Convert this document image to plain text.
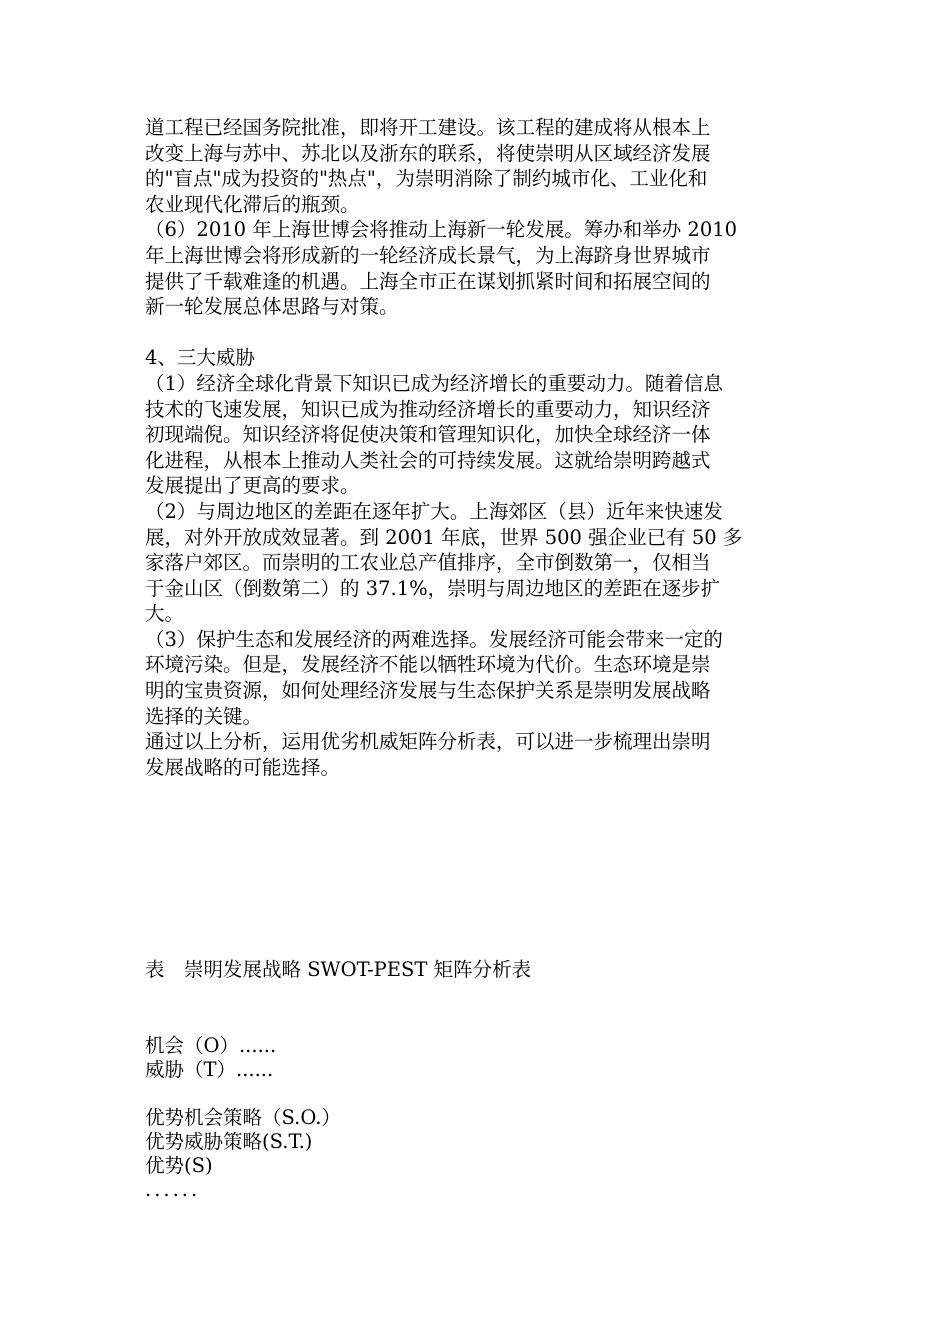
道工程已经国务院批准，即将开工建设。该工程的建成将从根本上
改变上海与苏中、苏北以及浙东的联系，将使崇明从区域经济发展
的"盲点"成为投资的"热点"，为崇明消除了制约城市化、工业化和
农业现代化滞后的瓶颈。
（6）2010 年上海世博会将推动上海新一轮发展。筹办和举办 2010
年上海世博会将形成新的一轮经济成长景气，为上海跻身世界城市
提供了千载难逢的机遇。上海全市正在谋划抓紧时间和拓展空间的
新一轮发展总体思路与对策。
4、三大威胁
（1）经济全球化背景下知识已成为经济增长的重要动力。随着信息
技术的飞速发展，知识已成为推动经济增长的重要动力，知识经济
初现端倪。知识经济将促使决策和管理知识化，加快全球经济一体
化进程，从根本上推动人类社会的可持续发展。这就给崇明跨越式
发展提出了更高的要求。
（2）与周边地区的差距在逐年扩大。上海郊区（县）近年来快速发
展，对外开放成效显著。到 2001 年底，世界 500 强企业已有 50 多
家落户郊区。而崇明的工农业总产值排序，全市倒数第一，仅相当
于金山区（倒数第二）的 37.1%，崇明与周边地区的差距在逐步扩
大。
（3）保护生态和发展经济的两难选择。发展经济可能会带来一定的
环境污染。但是，发展经济不能以牺牲环境为代价。生态环境是崇
明的宝贵资源，如何处理经济发展与生态保护关系是崇明发展战略
选择的关键。
通过以上分析，运用优劣机威矩阵分析表，可以进一步梳理出崇明
发展战略的可能选择。
表　崇明发展战略 SWOT-PEST 矩阵分析表
机会（O）......
威胁（T）......
优势机会策略（S.O.）
优势威胁策略(S.T.)
优势(S)
......
